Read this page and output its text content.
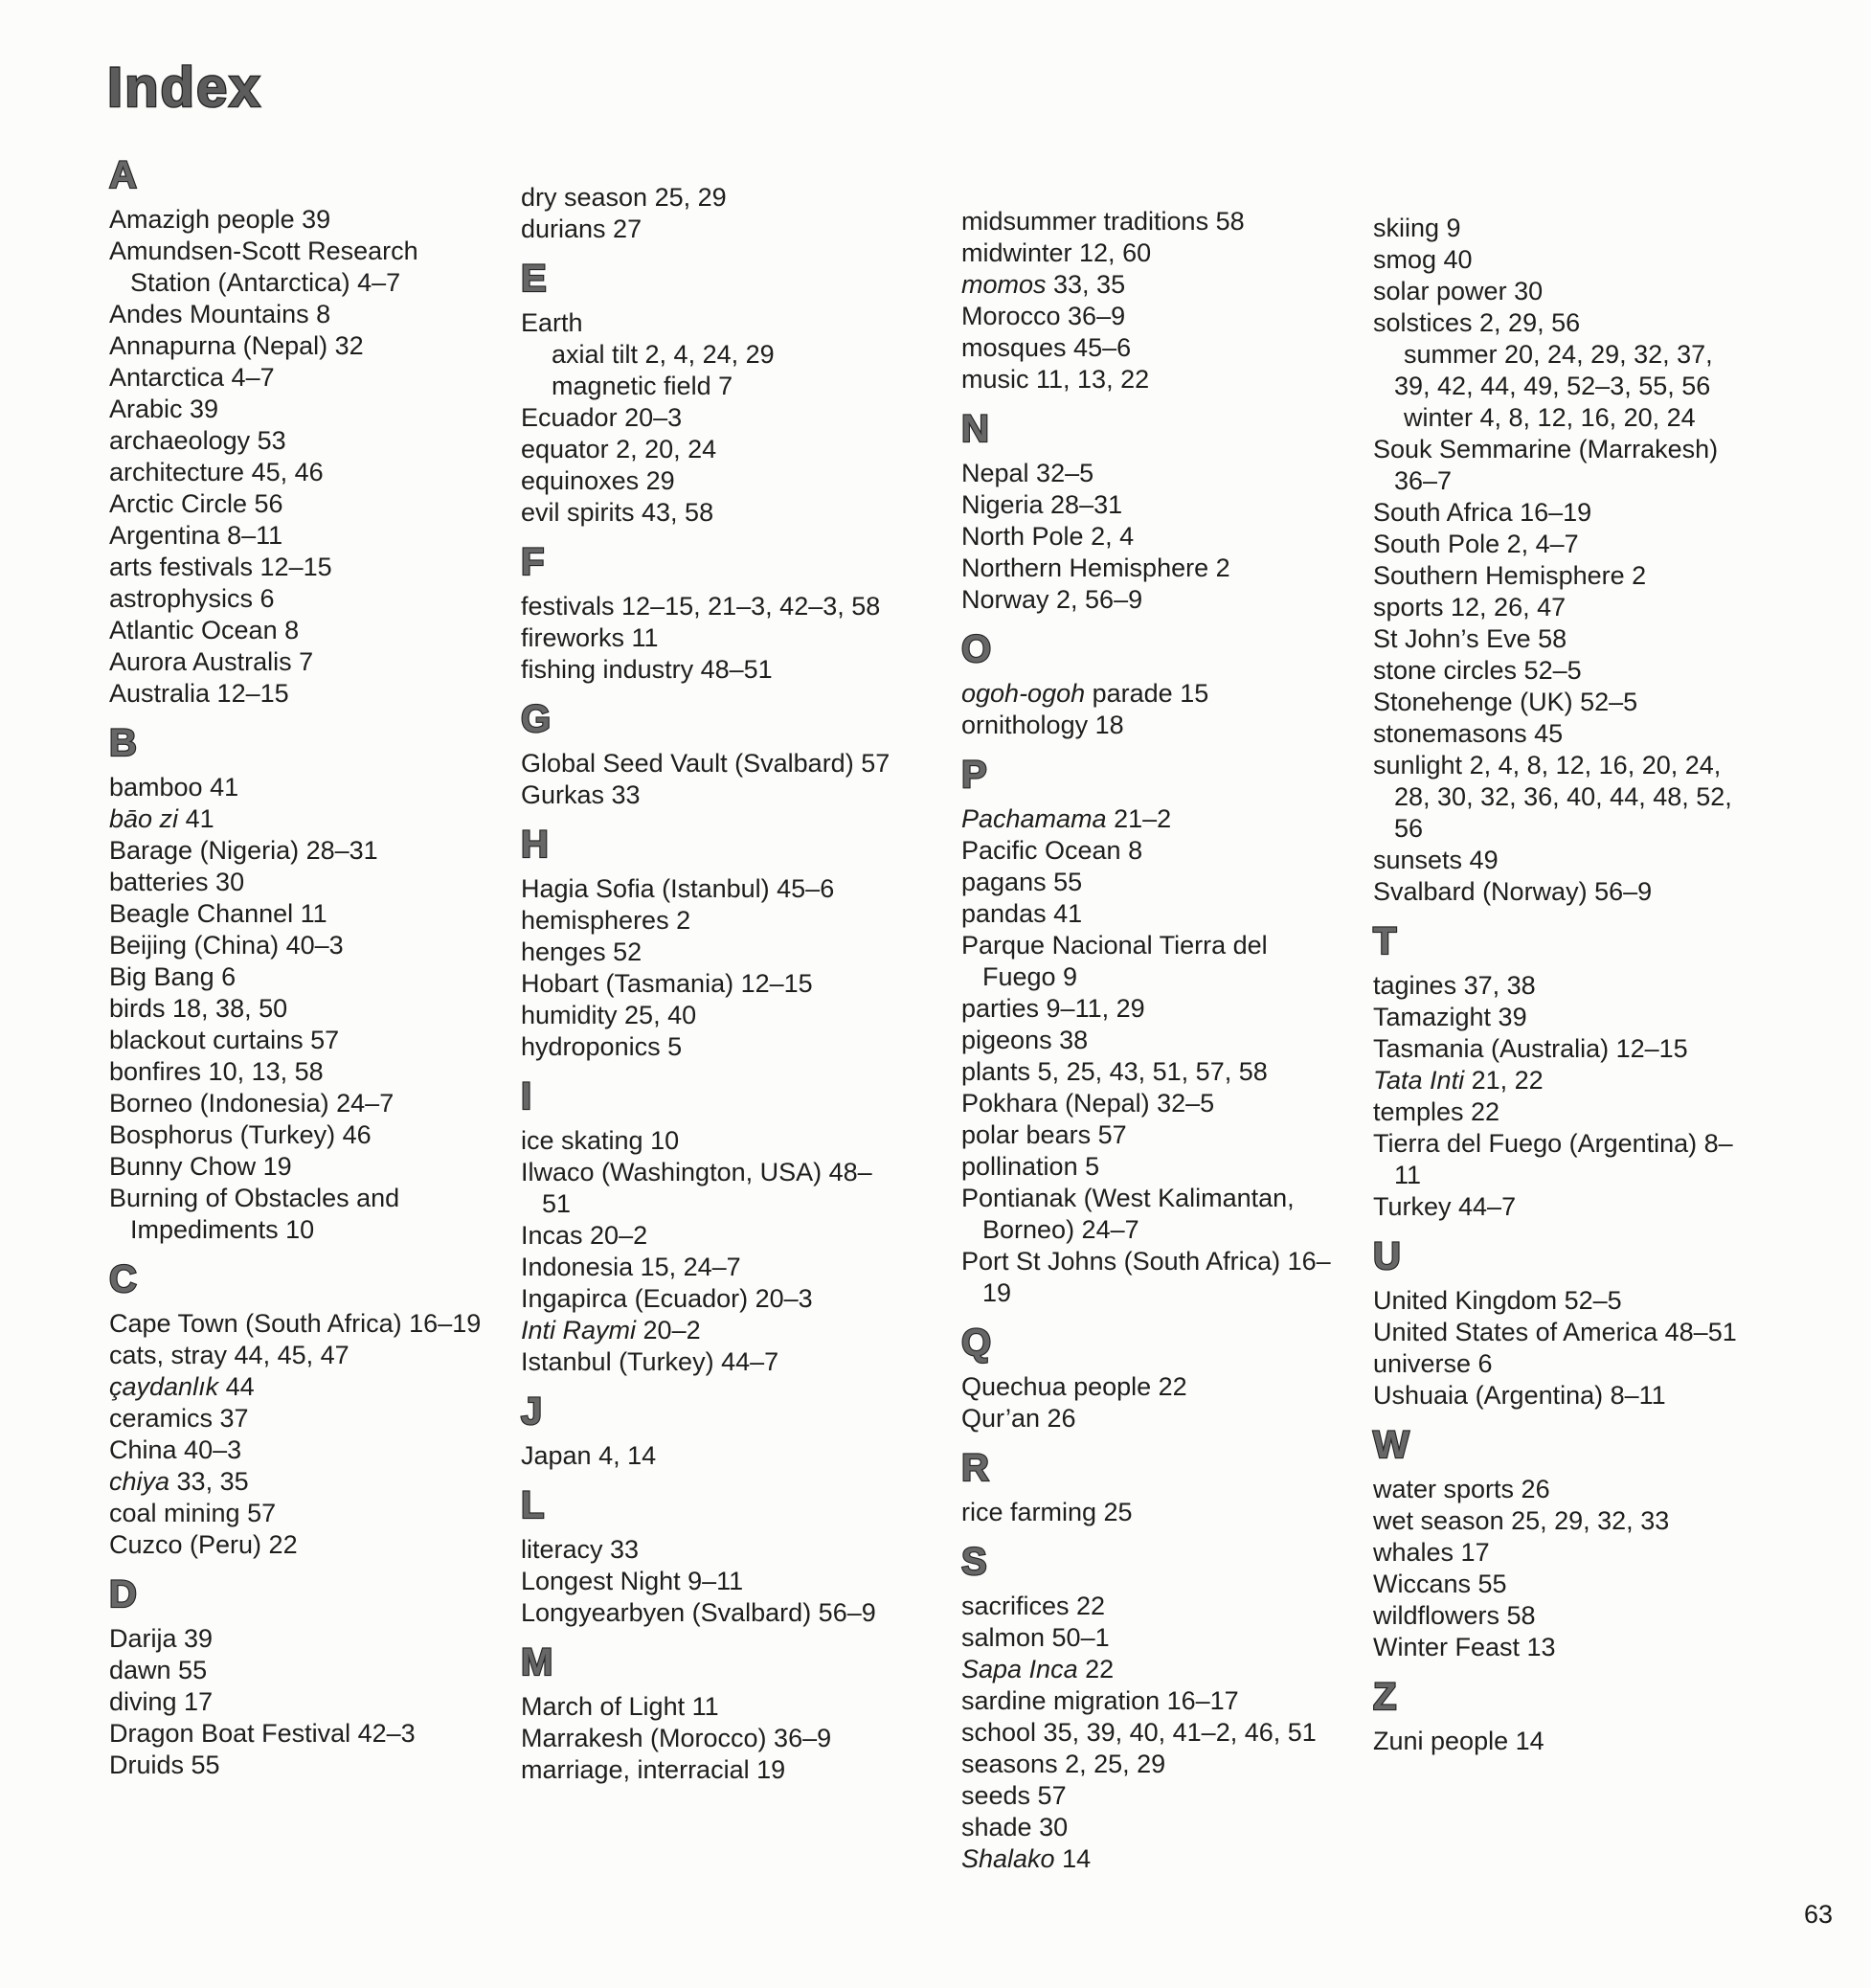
Index
A
Amazigh people 39
Amundsen-Scott Research Station (Antarctica) 4–7
Andes Mountains 8
Annapurna (Nepal) 32
Antarctica 4–7
Arabic 39
archaeology 53
architecture 45, 46
Arctic Circle 56
Argentina 8–11
arts festivals 12–15
astrophysics 6
Atlantic Ocean 8
Aurora Australis 7
Australia 12–15
B
bamboo 41
bāo zi 41
Barage (Nigeria) 28–31
batteries 30
Beagle Channel 11
Beijing (China) 40–3
Big Bang 6
birds 18, 38, 50
blackout curtains 57
bonfires 10, 13, 58
Borneo (Indonesia) 24–7
Bosphorus (Turkey) 46
Bunny Chow 19
Burning of Obstacles and Impediments 10
C
Cape Town (South Africa) 16–19
cats, stray 44, 45, 47
çaydanlık 44
ceramics 37
China 40–3
chiya 33, 35
coal mining 57
Cuzco (Peru) 22
D
Darija 39
dawn 55
diving 17
Dragon Boat Festival 42–3
Druids 55
dry season 25, 29
durians 27
E
Earth
axial tilt 2, 4, 24, 29
magnetic field 7
Ecuador 20–3
equator 2, 20, 24
equinoxes 29
evil spirits 43, 58
F
festivals 12–15, 21–3, 42–3, 58
fireworks 11
fishing industry 48–51
G
Global Seed Vault (Svalbard) 57
Gurkas 33
H
Hagia Sofia (Istanbul) 45–6
hemispheres 2
henges 52
Hobart (Tasmania) 12–15
humidity 25, 40
hydroponics 5
I
ice skating 10
Ilwaco (Washington, USA) 48–51
Incas 20–2
Indonesia 15, 24–7
Ingapirca (Ecuador) 20–3
Inti Raymi 20–2
Istanbul (Turkey) 44–7
J
Japan 4, 14
L
literacy 33
Longest Night 9–11
Longyearbyen (Svalbard) 56–9
M
March of Light 11
Marrakesh (Morocco) 36–9
marriage, interracial 19
midsummer traditions 58
midwinter 12, 60
momos 33, 35
Morocco 36–9
mosques 45–6
music 11, 13, 22
N
Nepal 32–5
Nigeria 28–31
North Pole 2, 4
Northern Hemisphere 2
Norway 2, 56–9
O
ogoh-ogoh parade 15
ornithology 18
P
Pachamama 21–2
Pacific Ocean 8
pagans 55
pandas 41
Parque Nacional Tierra del Fuego 9
parties 9–11, 29
pigeons 38
plants 5, 25, 43, 51, 57, 58
Pokhara (Nepal) 32–5
polar bears 57
pollination 5
Pontianak (West Kalimantan, Borneo) 24–7
Port St Johns (South Africa) 16–19
Q
Quechua people 22
Qur’an 26
R
rice farming 25
S
sacrifices 22
salmon 50–1
Sapa Inca 22
sardine migration 16–17
school 35, 39, 40, 41–2, 46, 51
seasons 2, 25, 29
seeds 57
shade 30
Shalako 14
skiing 9
smog 40
solar power 30
solstices 2, 29, 56
summer 20, 24, 29, 32, 37, 39, 42, 44, 49, 52–3, 55, 56
winter 4, 8, 12, 16, 20, 24
Souk Semmarine (Marrakesh) 36–7
South Africa 16–19
South Pole 2, 4–7
Southern Hemisphere 2
sports 12, 26, 47
St John’s Eve 58
stone circles 52–5
Stonehenge (UK) 52–5
stonemasons 45
sunlight 2, 4, 8, 12, 16, 20, 24, 28, 30, 32, 36, 40, 44, 48, 52, 56
sunsets 49
Svalbard (Norway) 56–9
T
tagines 37, 38
Tamazight 39
Tasmania (Australia) 12–15
Tata Inti 21, 22
temples 22
Tierra del Fuego (Argentina) 8–11
Turkey 44–7
U
United Kingdom 52–5
United States of America 48–51
universe 6
Ushuaia (Argentina) 8–11
W
water sports 26
wet season 25, 29, 32, 33
whales 17
Wiccans 55
wildflowers 58
Winter Feast 13
Z
Zuni people 14
63
